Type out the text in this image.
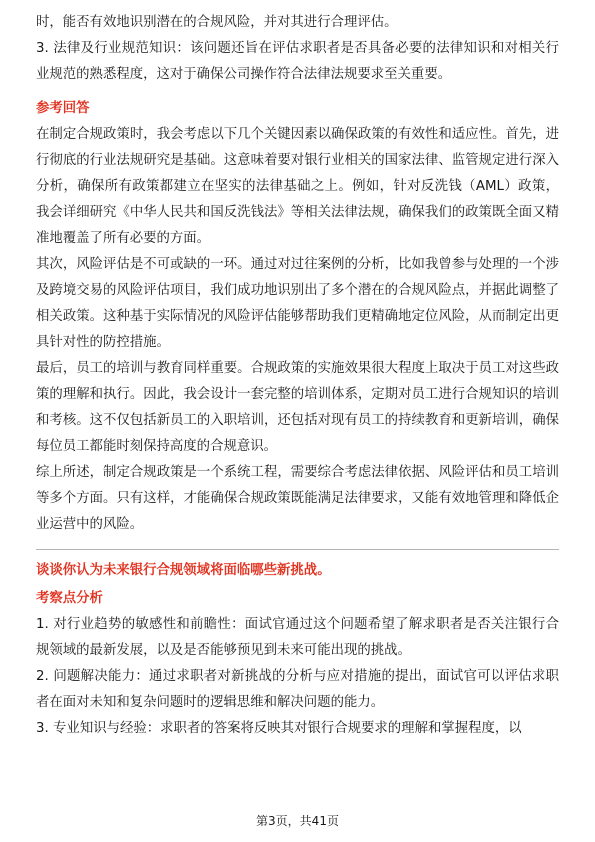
时，能否有效地识别潜在的合规风险，并对其进行合理评估。

3. 法律及行业规范知识：该问题还旨在评估求职者是否具备必要的法律知识和对相关行业规范的熟悉程度，这对于确保公司操作符合法律法规要求至关重要。

参考回答

在制定合规政策时，我会考虑以下几个关键因素以确保政策的有效性和适应性。首先，进行彻底的行业法规研究是基础。这意味着要对银行业相关的国家法律、监管规定进行深入分析，确保所有政策都建立在坚实的法律基础之上。例如，针对反洗钱（AML）政策，我会详细研究《中华人民共和国反洗钱法》等相关法律法规，确保我们的政策既全面又精准地覆盖了所有必要的方面。

其次，风险评估是不可或缺的一环。通过对过往案例的分析，比如我曾参与处理的一个涉及跨境交易的风险评估项目，我们成功地识别出了多个潜在的合规风险点，并据此调整了相关政策。这种基于实际情况的风险评估能够帮助我们更精确地定位风险，从而制定出更具针对性的防控措施。

最后，员工的培训与教育同样重要。合规政策的实施效果很大程度上取决于员工对这些政策的理解和执行。因此，我会设计一套完整的培训体系，定期对员工进行合规知识的培训和考核。这不仅包括新员工的入职培训，还包括对现有员工的持续教育和更新培训，确保每位员工都能时刻保持高度的合规意识。

综上所述，制定合规政策是一个系统工程，需要综合考虑法律依据、风险评估和员工培训等多个方面。只有这样，才能确保合规政策既能满足法律要求，又能有效地管理和降低企业运营中的风险。

谈谈你认为未来银行合规领域将面临哪些新挑战。

考察点分析

1. 对行业趋势的敏感性和前瞻性：面试官通过这个问题希望了解求职者是否关注银行合规领域的最新发展，以及是否能够预见到未来可能出现的挑战。

2. 问题解决能力：通过求职者对新挑战的分析与应对措施的提出，面试官可以评估求职者在面对未知和复杂问题时的逻辑思维和解决问题的能力。

3. 专业知识与经验：求职者的答案将反映其对银行合规要求的理解和掌握程度，以

第3页，共41页
